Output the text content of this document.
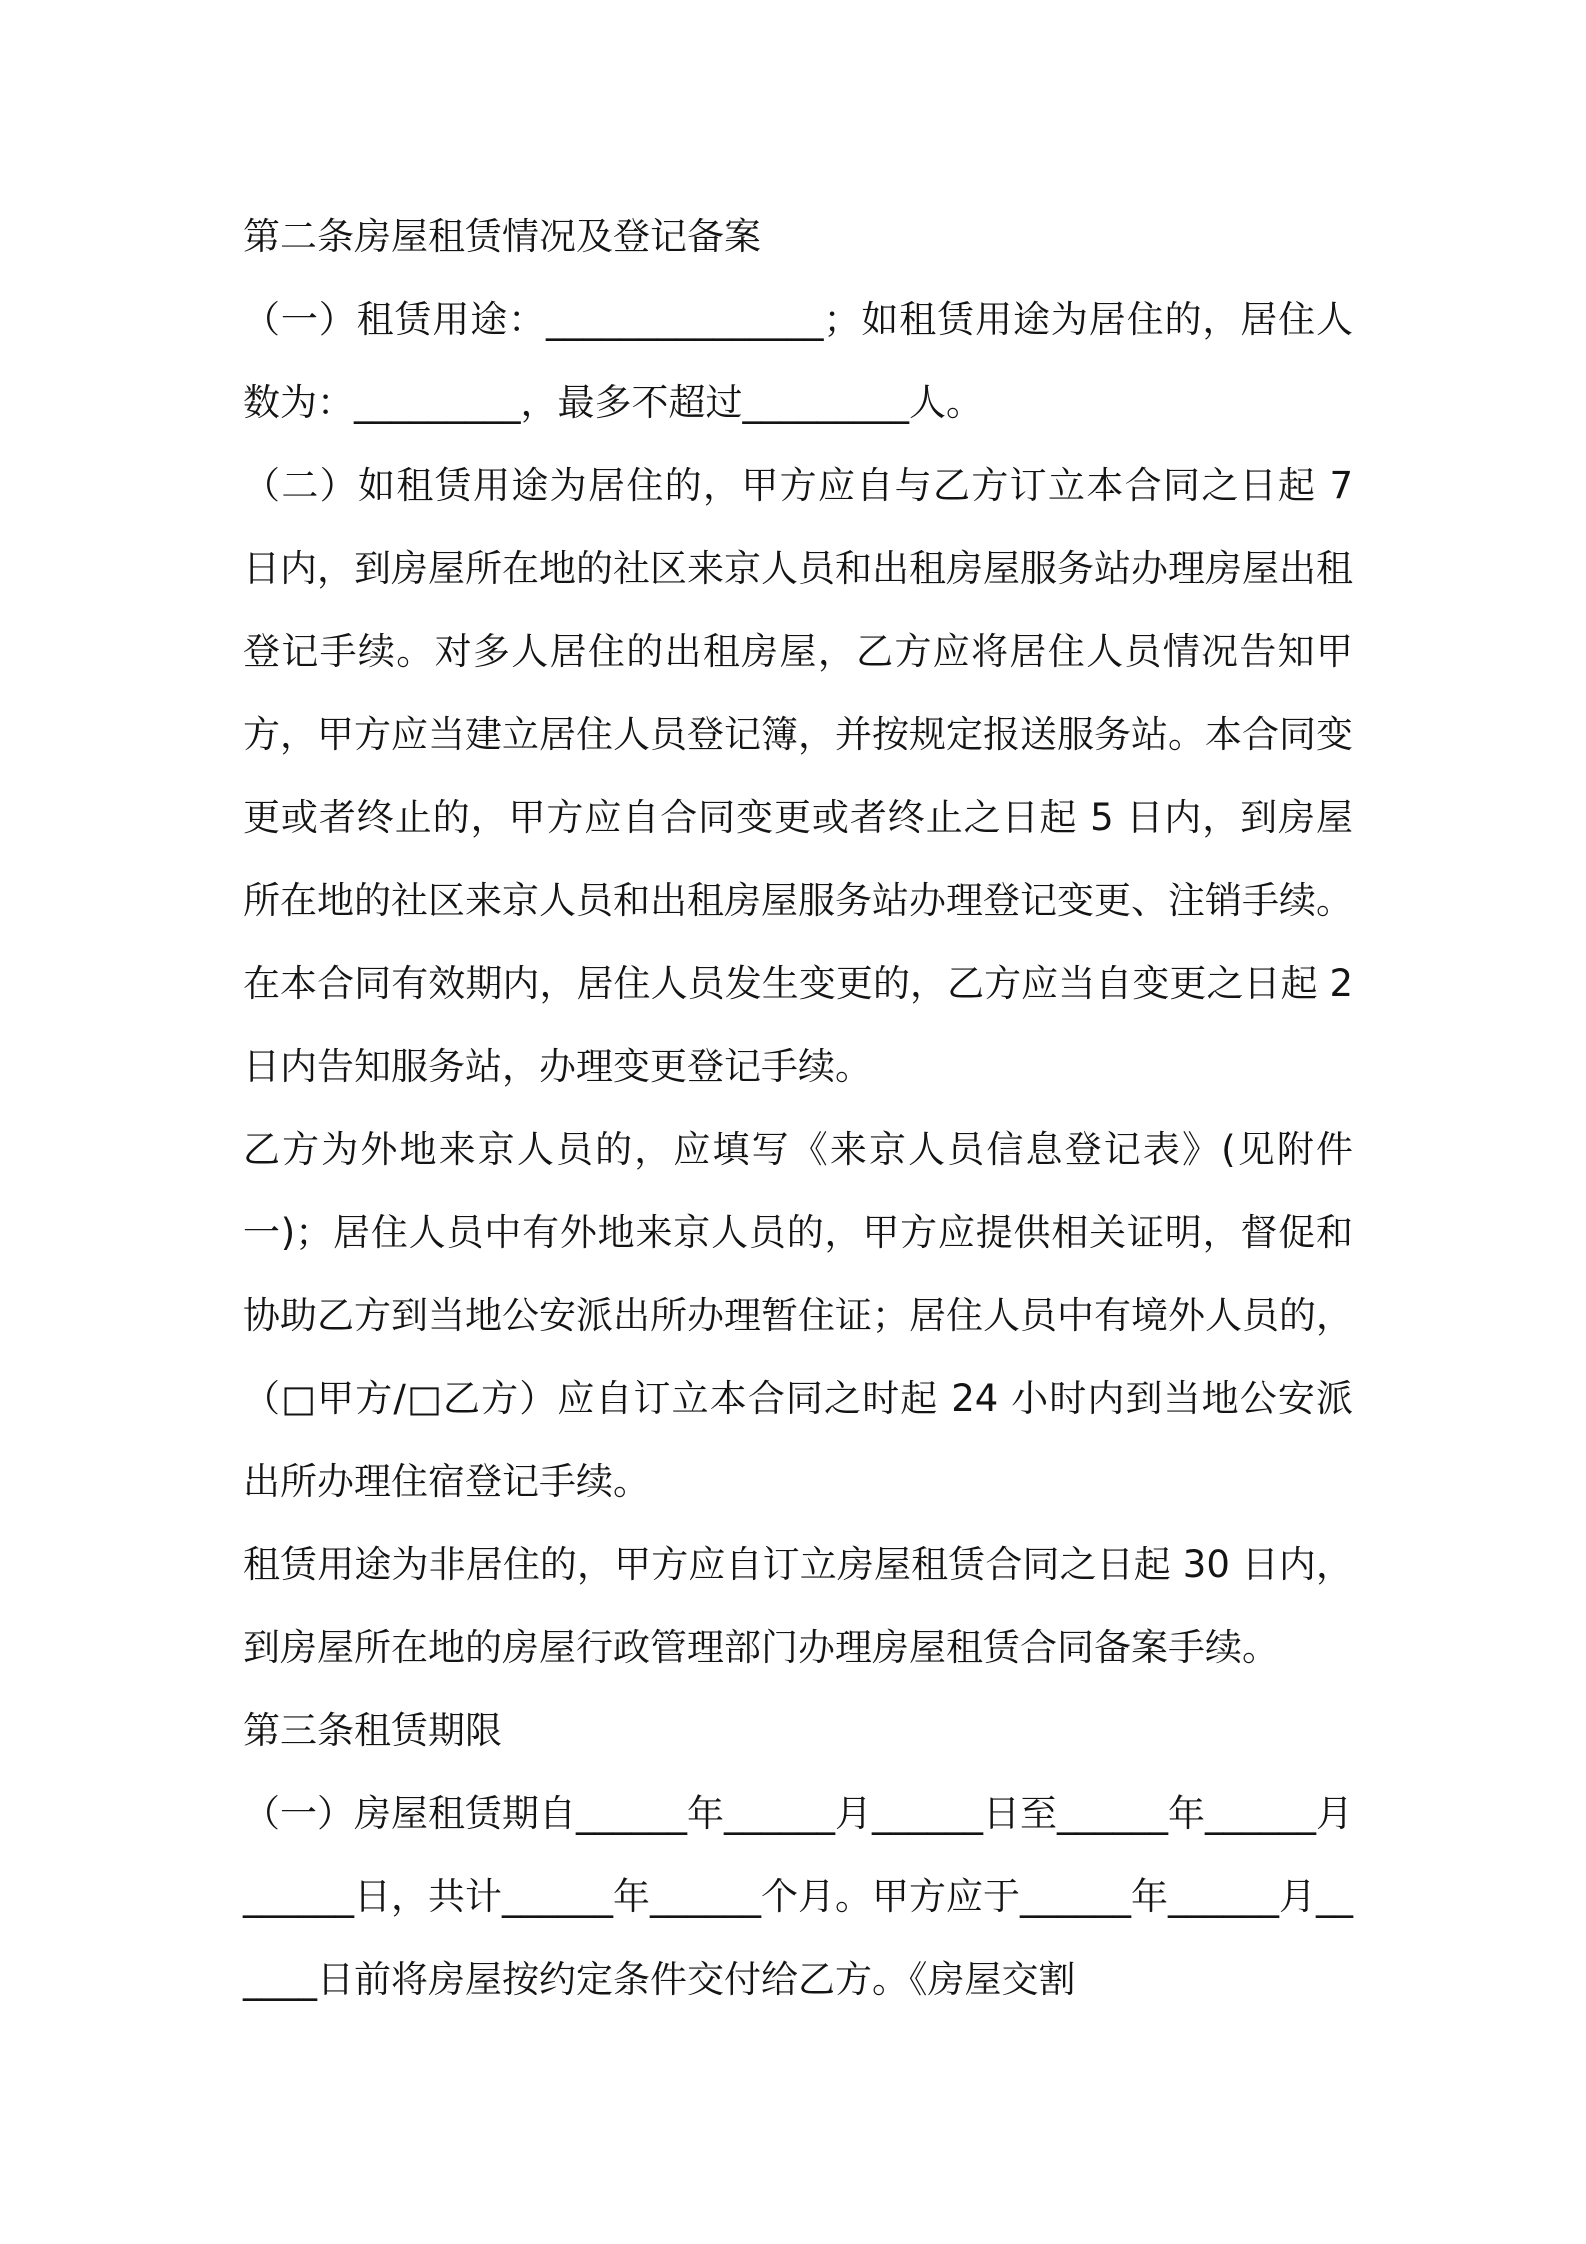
第二条房屋租赁情况及登记备案

（一）租赁用途：_______________；如租赁用途为居住的，居住人数为：_________，最多不超过_________人。

（二）如租赁用途为居住的，甲方应自与乙方订立本合同之日起 7 日内，到房屋所在地的社区来京人员和出租房屋服务站办理房屋出租登记手续。对多人居住的出租房屋，乙方应将居住人员情况告知甲方，甲方应当建立居住人员登记簿，并按规定报送服务站。本合同变更或者终止的，甲方应自合同变更或者终止之日起 5 日内，到房屋所在地的社区来京人员和出租房屋服务站办理登记变更、注销手续。在本合同有效期内，居住人员发生变更的，乙方应当自变更之日起 2 日内告知服务站，办理变更登记手续。

乙方为外地来京人员的，应填写《来京人员信息登记表》(见附件一)；居住人员中有外地来京人员的，甲方应提供相关证明，督促和协助乙方到当地公安派出所办理暂住证；居住人员中有境外人员的，（□甲方/□乙方）应自订立本合同之时起 24 小时内到当地公安派出所办理住宿登记手续。

租赁用途为非居住的，甲方应自订立房屋租赁合同之日起 30 日内，到房屋所在地的房屋行政管理部门办理房屋租赁合同备案手续。

第三条租赁期限

（一）房屋租赁期自______年______月______日至______年______月______日，共计______年______个月。甲方应于______年______月______日前将房屋按约定条件交付给乙方。《房屋交割
